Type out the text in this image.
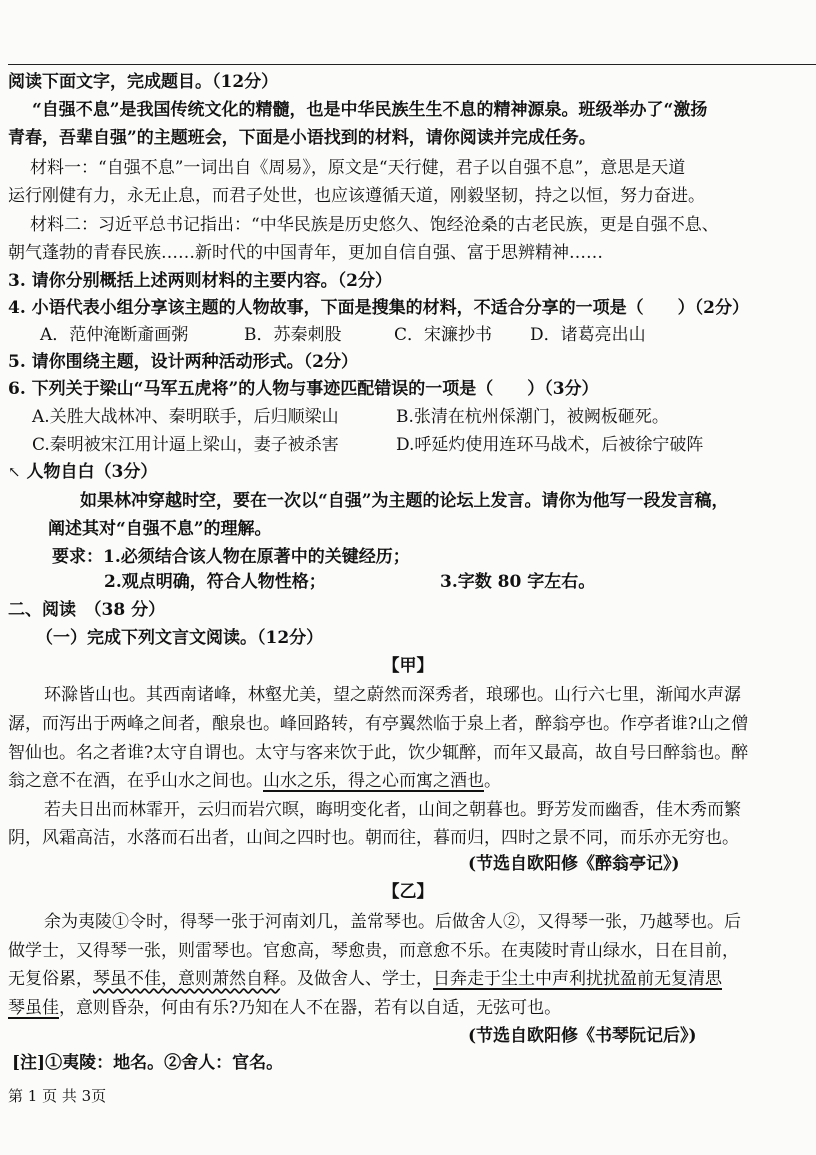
阅读下面文字，完成题目。（12分）
“自强不息”是我国传统文化的精髓，也是中华民族生生不息的精神源泉。班级举办了“激扬
青春，吾辈自强”的主题班会，下面是小语找到的材料，请你阅读并完成任务。
材料一：“自强不息”一词出自《周易》，原文是“天行健，君子以自强不息”，意思是天道
运行刚健有力，永无止息，而君子处世，也应该遵循天道，刚毅坚韧，持之以恒，努力奋进。
材料二：习近平总书记指出：“中华民族是历史悠久、饱经沧桑的古老民族，更是自强不息、
朝气蓬勃的青春民族……新时代的中国青年，更加自信自强、富于思辨精神……
3. 请你分别概括上述两则材料的主要内容。（2分）
4. 小语代表小组分享该主题的人物故事，下面是搜集的材料，不适合分享的一项是（　　）（2分）
A．范仲淹断齑画粥	B．苏秦刺股	C．宋濂抄书 D．诸葛亮出山
5. 请你围绕主题，设计两种活动形式。（2分）
6. 下列关于梁山“马军五虎将”的人物与事迹匹配错误的一项是（　　）（3分）
A.关胜大战林冲、秦明联手，后归顺梁山	B.张清在杭州倸潮门，被阙板砸死。
C.秦明被宋江用计逼上梁山，妻子被杀害	D.呼延灼使用连环马战术，后被徐宁破阵
↖ 人物自白（3分）
如果林冲穿越时空，要在一次以“自强”为主题的论坛上发言。请你为他写一段发言稿，
阐述其对“自强不息”的理解。
要求：1.必须结合该人物在原著中的关键经历；
2.观点明确，符合人物性格；	3.字数 80 字左右。
二、阅读　（38 分）
（一）完成下列文言文阅读。（12分）
【甲】
环滁皆山也。其西南诸峰，林壑尤美，望之蔚然而深秀者，琅琊也。山行六七里，渐闻水声潺
潺，而泻出于两峰之间者，酿泉也。峰回路转，有亭翼然临于泉上者，醉翁亭也。作亭者谁?山之僧
智仙也。名之者谁?太守自谓也。太守与客来饮于此，饮少辄醉，而年又最高，故自号曰醉翁也。醉
翁之意不在酒，在乎山水之间也。山水之乐，得之心而寓之酒也。
若夫日出而林霏开，云归而岩穴暝，晦明变化者，山间之朝暮也。野芳发而幽香，佳木秀而繁
阴，风霜高洁，水落而石出者，山间之四时也。朝而往，暮而归，四时之景不同，而乐亦无穷也。
(节选自欧阳修《醉翁亭记》)
【乙】
余为夷陵①令时，得琴一张于河南刘几，盖常琴也。后做舍人②，又得琴一张，乃越琴也。后
做学士，又得琴一张，则雷琴也。官愈高，琴愈贵，而意愈不乐。在夷陵时青山绿水，日在目前，
无复俗累，琴虽不佳，意则萧然自释。及做舍人、学士，日奔走于尘土中声利扰扰盈前无复清思
琴虽佳，意则昏杂，何由有乐?乃知在人不在器，若有以自适，无弦可也。
(节选自欧阳修《书琴阮记后》)
[注]①夷陵：地名。②舍人：官名。
第 1 页 共 3页
